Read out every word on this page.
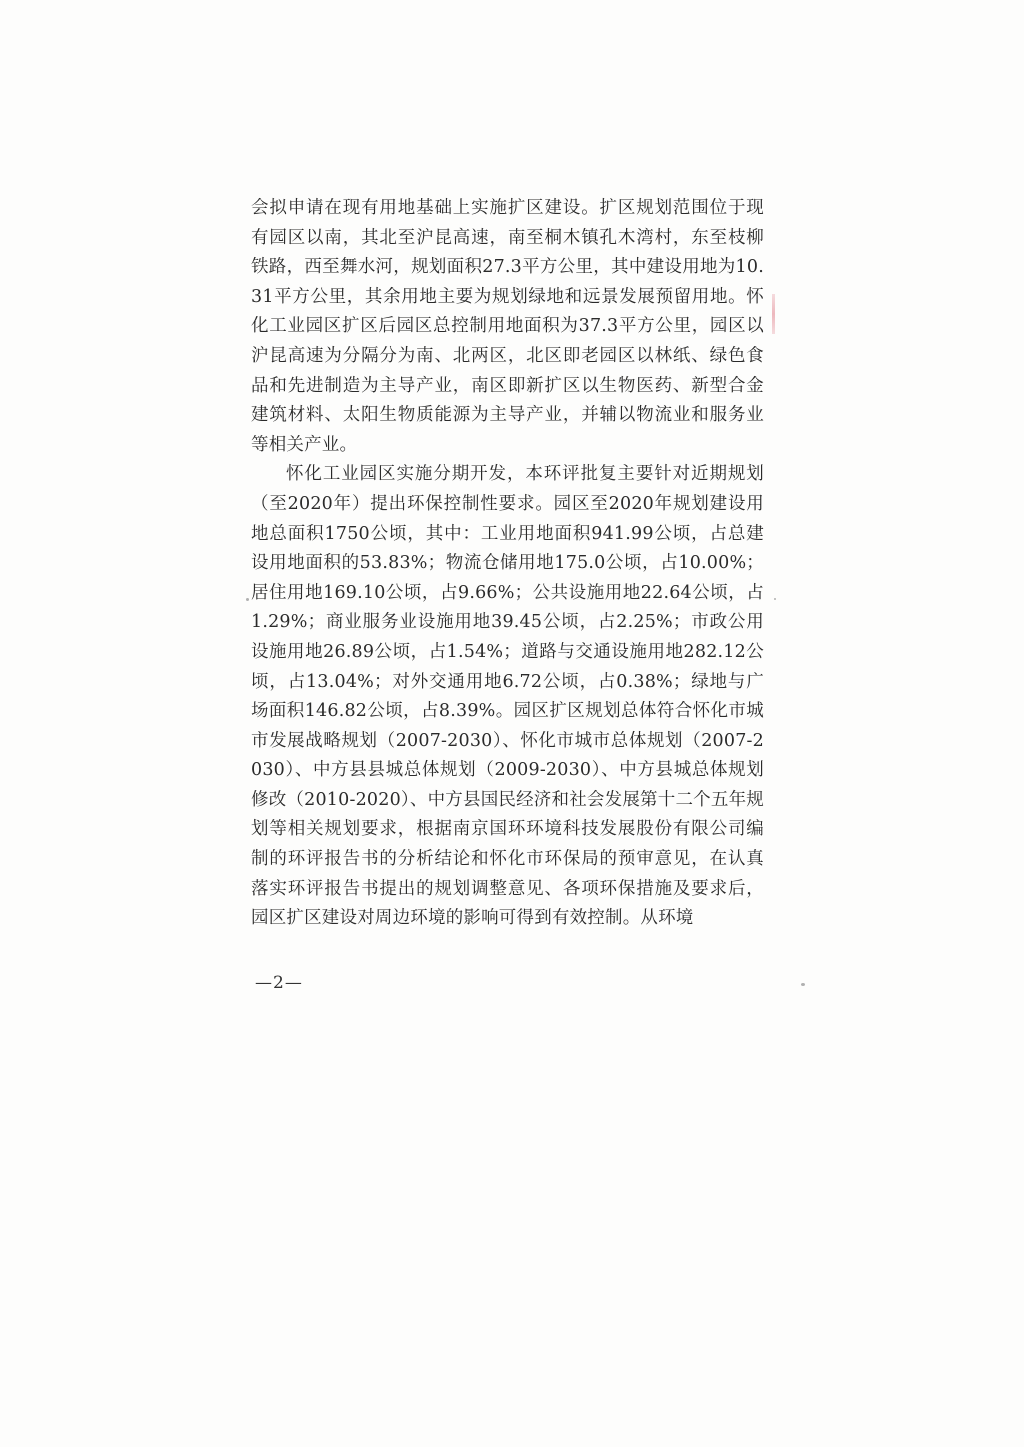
会拟申请在现有用地基础上实施扩区建设。扩区规划范围位于现有园区以南，其北至沪昆高速，南至桐木镇孔木湾村，东至枝柳铁路，西至舞水河，规划面积27.3平方公里，其中建设用地为10.31平方公里，其余用地主要为规划绿地和远景发展预留用地。怀化工业园区扩区后园区总控制用地面积为37.3平方公里，园区以沪昆高速为分隔分为南、北两区，北区即老园区以林纸、绿色食品和先进制造为主导产业，南区即新扩区以生物医药、新型合金建筑材料、太阳生物质能源为主导产业，并辅以物流业和服务业等相关产业。

怀化工业园区实施分期开发，本环评批复主要针对近期规划（至2020年）提出环保控制性要求。园区至2020年规划建设用地总面积1750公顷，其中：工业用地面积941.99公顷，占总建设用地面积的53.83%；物流仓储用地175.0公顷，占10.00%；居住用地169.10公顷，占9.66%；公共设施用地22.64公顷，占1.29%；商业服务业设施用地39.45公顷，占2.25%；市政公用设施用地26.89公顷，占1.54%；道路与交通设施用地282.12公顷，占13.04%；对外交通用地6.72公顷，占0.38%；绿地与广场面积146.82公顷，占8.39%。园区扩区规划总体符合怀化市城市发展战略规划（2007-2030）、怀化市城市总体规划（2007-2030）、中方县县城总体规划（2009-2030）、中方县城总体规划修改（2010-2020）、中方县国民经济和社会发展第十二个五年规划等相关规划要求，根据南京国环环境科技发展股份有限公司编制的环评报告书的分析结论和怀化市环保局的预审意见，在认真落实环评报告书提出的规划调整意见、各项环保措施及要求后，园区扩区建设对周边环境的影响可得到有效控制。从环境

—2—
